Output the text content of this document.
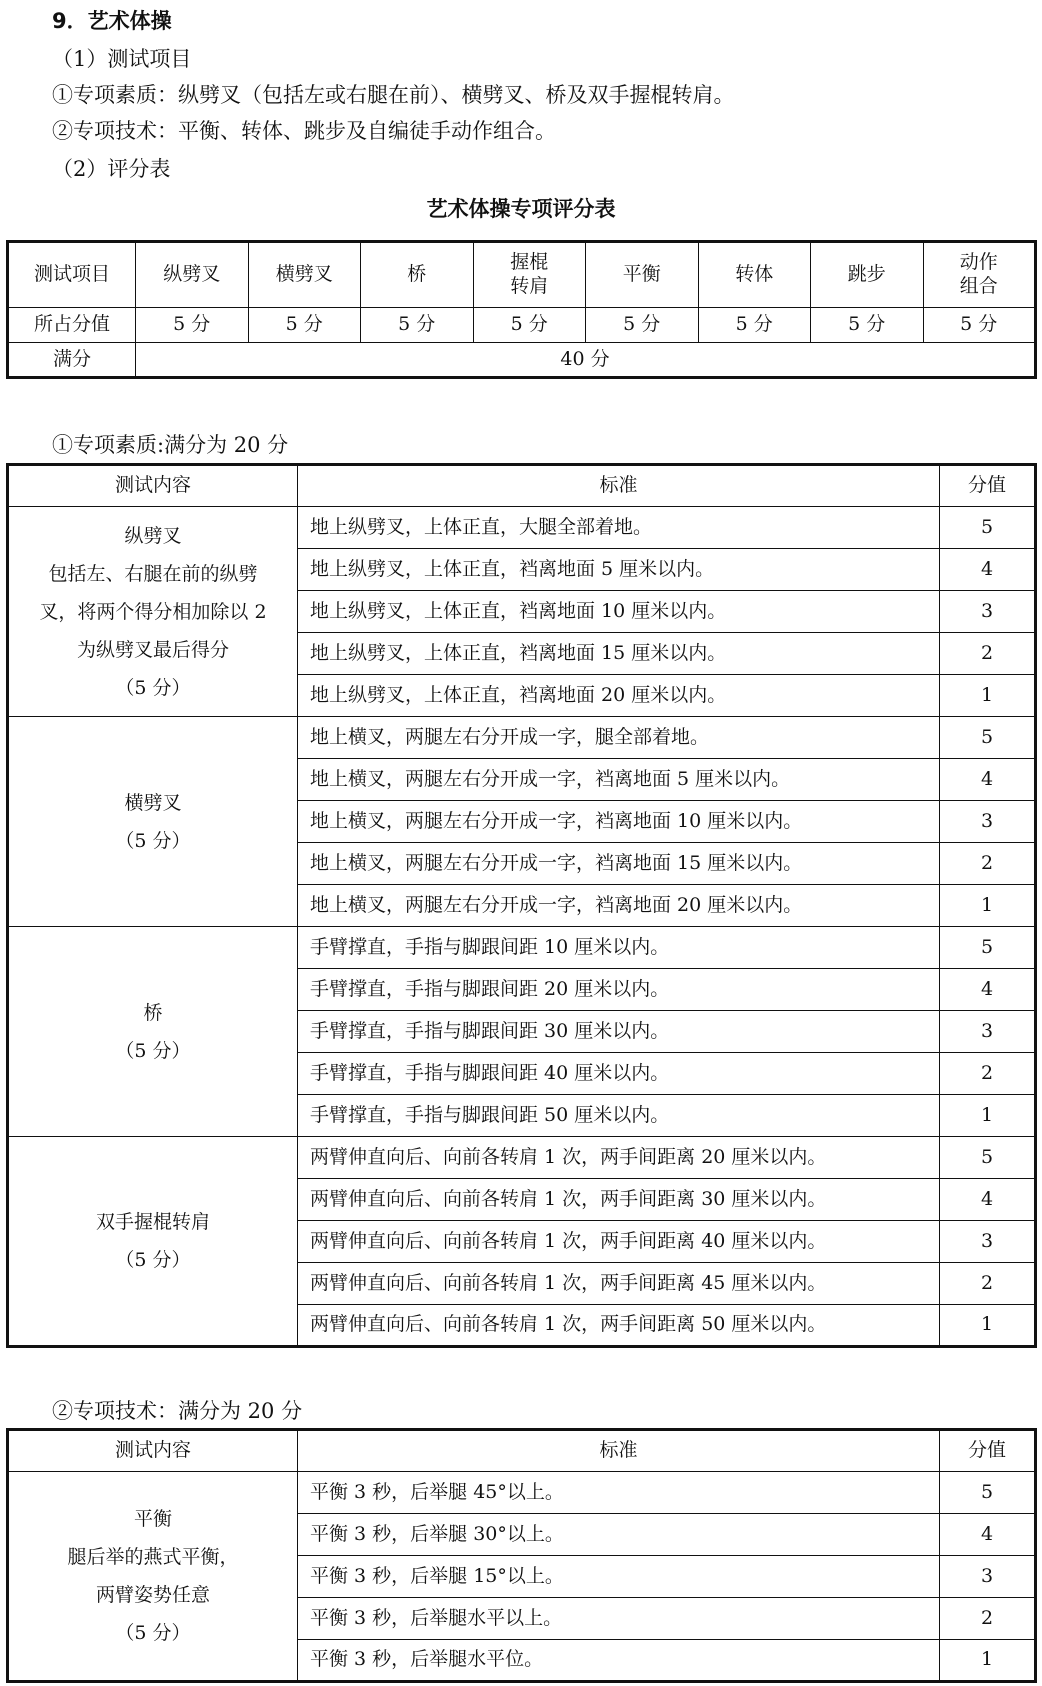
9．艺术体操
（1）测试项目
①专项素质：纵劈叉（包括左或右腿在前）、横劈叉、桥及双手握棍转肩。
②专项技术：平衡、转体、跳步及自编徒手动作组合。
（2）评分表
艺术体操专项评分表
测试项目	纵劈叉	横劈叉	桥	握棍转肩	平衡	转体	跳步	动作组合
所占分值	5 分	5 分	5 分	5 分	5 分	5 分	5 分	5 分
满分	40 分							
①专项素质:满分为 20 分
测试内容	标准	分值

纵劈叉
包括左、右腿在前的纵劈
叉，将两个得分相加除以 2
为纵劈叉最后得分
（5 分）	地上纵劈叉，上体正直，大腿全部着地。	5
	地上纵劈叉，上体正直，裆离地面 5 厘米以内。	4
	地上纵劈叉，上体正直，裆离地面 10 厘米以内。	3
	地上纵劈叉，上体正直，裆离地面 15 厘米以内。	2
	地上纵劈叉，上体正直，裆离地面 20 厘米以内。	1

横劈叉
（5 分）	地上横叉，两腿左右分开成一字，腿全部着地。	5
	地上横叉，两腿左右分开成一字，裆离地面 5 厘米以内。	4
	地上横叉，两腿左右分开成一字，裆离地面 10 厘米以内。	3
	地上横叉，两腿左右分开成一字，裆离地面 15 厘米以内。	2
	地上横叉，两腿左右分开成一字，裆离地面 20 厘米以内。	1

桥
（5 分）	手臂撑直，手指与脚跟间距 10 厘米以内。	5
	手臂撑直，手指与脚跟间距 20 厘米以内。	4
	手臂撑直，手指与脚跟间距 30 厘米以内。	3
	手臂撑直，手指与脚跟间距 40 厘米以内。	2
	手臂撑直，手指与脚跟间距 50 厘米以内。	1

双手握棍转肩
（5 分）	两臂伸直向后、向前各转肩 1 次，两手间距离 20 厘米以内。	5
	两臂伸直向后、向前各转肩 1 次，两手间距离 30 厘米以内。	4
	两臂伸直向后、向前各转肩 1 次，两手间距离 40 厘米以内。	3
	两臂伸直向后、向前各转肩 1 次，两手间距离 45 厘米以内。	2
	两臂伸直向后、向前各转肩 1 次，两手间距离 50 厘米以内。	1
②专项技术：满分为 20 分
测试内容	标准	分值

平衡
腿后举的燕式平衡，
两臂姿势任意
（5 分）	平衡 3 秒，后举腿 45°以上。	5
	平衡 3 秒，后举腿 30°以上。	4
	平衡 3 秒，后举腿 15°以上。	3
	平衡 3 秒，后举腿水平以上。	2
	平衡 3 秒，后举腿水平位。	1
